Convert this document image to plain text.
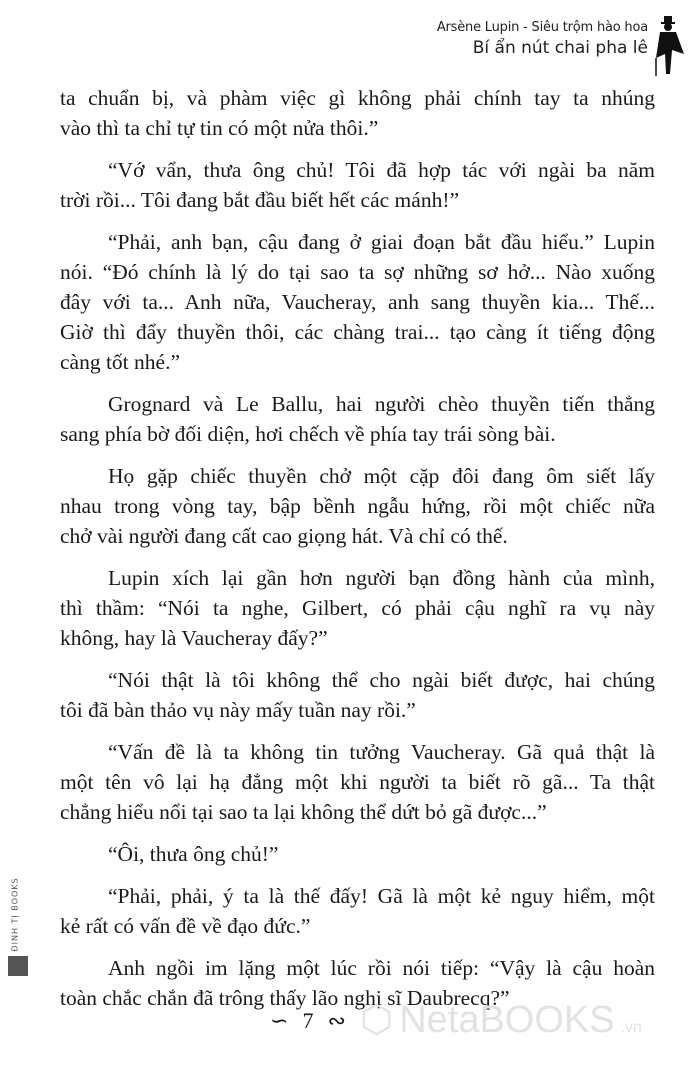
Arsène Lupin - Siêu trộm hào hoa
Bí ẩn nút chai pha lê
ta chuẩn bị, và phàm việc gì không phải chính tay ta nhúng
vào thì ta chỉ tự tin có một nửa thôi.”
“Vớ vẩn, thưa ông chủ! Tôi đã hợp tác với ngài ba năm
trời rồi... Tôi đang bắt đầu biết hết các mánh!”
“Phải, anh bạn, cậu đang ở giai đoạn bắt đầu hiểu.” Lupin
nói. “Đó chính là lý do tại sao ta sợ những sơ hở... Nào xuống
đây với ta... Anh nữa, Vaucheray, anh sang thuyền kia... Thế...
Giờ thì đẩy thuyền thôi, các chàng trai... tạo càng ít tiếng động
càng tốt nhé.”
Grognard và Le Ballu, hai người chèo thuyền tiến thẳng
sang phía bờ đối diện, hơi chếch về phía tay trái sòng bài.
Họ gặp chiếc thuyền chở một cặp đôi đang ôm siết lấy
nhau trong vòng tay, bập bềnh ngẫu hứng, rồi một chiếc nữa
chở vài người đang cất cao giọng hát. Và chỉ có thế.
Lupin xích lại gần hơn người bạn đồng hành của mình,
thì thầm: “Nói ta nghe, Gilbert, có phải cậu nghĩ ra vụ này
không, hay là Vaucheray đấy?”
“Nói thật là tôi không thể cho ngài biết được, hai chúng
tôi đã bàn thảo vụ này mấy tuần nay rồi.”
“Vấn đề là ta không tin tưởng Vaucheray. Gã quả thật là
một tên vô lại hạ đẳng một khi người ta biết rõ gã... Ta thật
chẳng hiểu nổi tại sao ta lại không thể dứt bỏ gã được...”
“Ôi, thưa ông chủ!”
“Phải, phải, ý ta là thế đấy! Gã là một kẻ nguy hiểm, một
kẻ rất có vấn đề về đạo đức.”
Anh ngồi im lặng một lúc rồi nói tiếp: “Vậy là cậu hoàn
toàn chắc chắn đã trông thấy lão nghị sĩ Daubrecq?”
ĐINH TỊ BOOKS
∽ 7 ∾ ⬡ NetaBOOKS .vn
